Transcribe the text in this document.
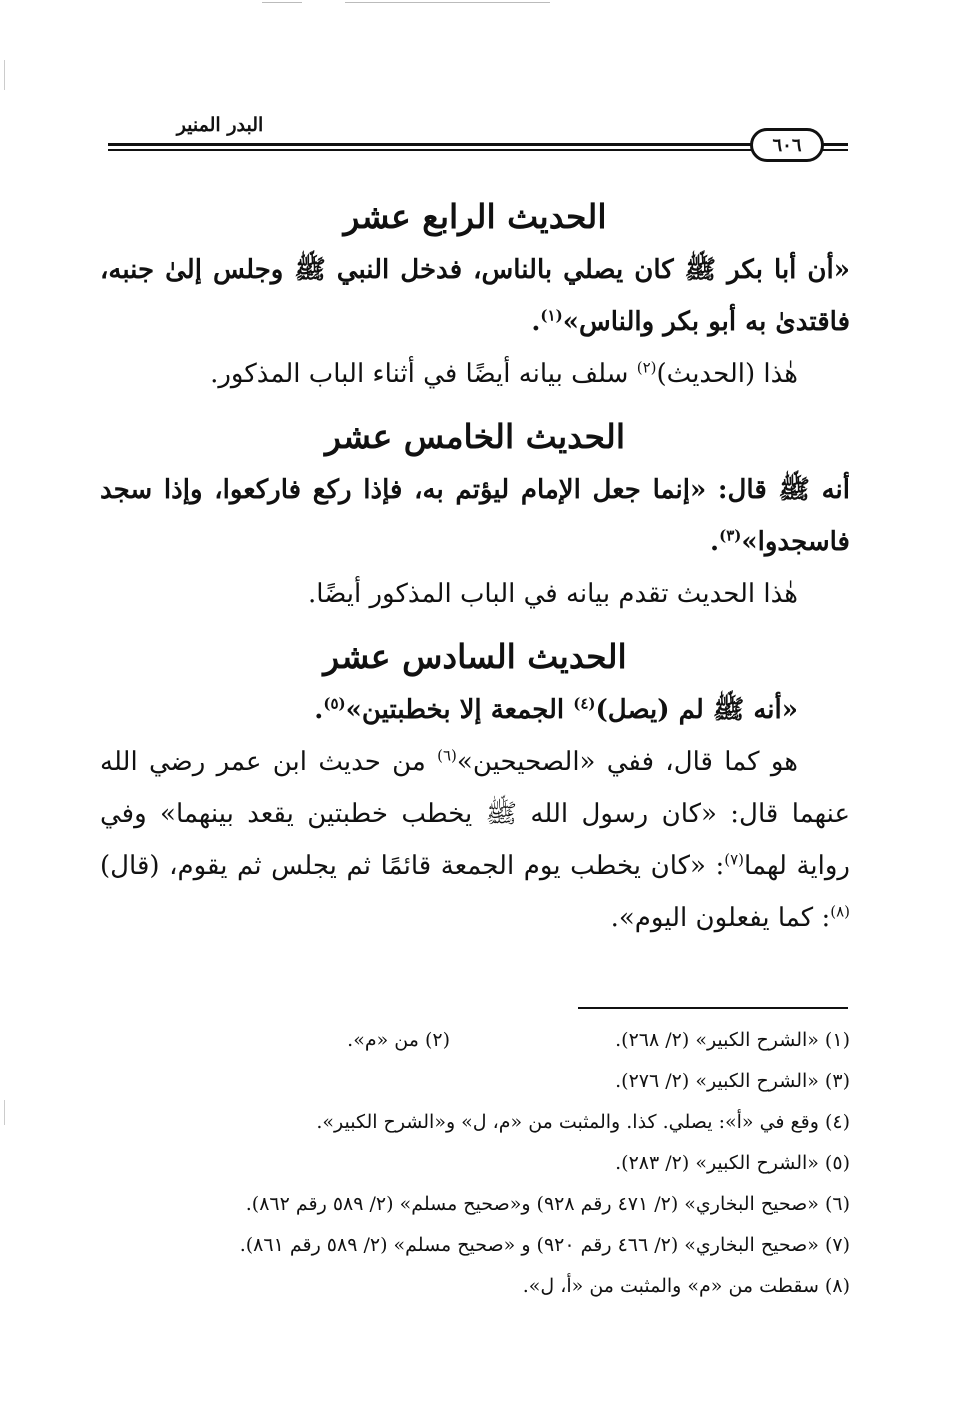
٦٠٦
البدر المنير
الحديث الرابع عشر

«أن أبا بكر ﷺ كان يصلي بالناس، فدخل النبي ﷺ وجلس إلىٰ جنبه، فاقتدىٰ به أبو بكر والناس»$^{(١)}$.

هٰذا (الحديث)$^{(٢)}$ سلف بيانه أيضًا في أثناء الباب المذكور.

الحديث الخامس عشر

أنه ﷺ قال: «إنما جعل الإمام ليؤتم به، فإذا ركع فاركعوا، وإذا سجد فاسجدوا»$^{(٣)}$.

هٰذا الحديث تقدم بيانه في الباب المذكور أيضًا.

الحديث السادس عشر

«أنه ﷺ لم (يصل)$^{(٤)}$ الجمعة إلا بخطبتين»$^{(٥)}$.

هو كما قال، ففي «الصحيحين»$^{(٦)}$ من حديث ابن عمر رضي الله عنهما قال: «كان رسول الله ﷺ يخطب خطبتين يقعد بينهما» وفي رواية لهما$^{(٧)}$: «كان يخطب يوم الجمعة قائمًا ثم يجلس ثم يقوم، (قال)$^{(٨)}$: كما يفعلون اليوم».

(١) «الشرح الكبير» (٢/ ٢٦٨).

(٢) من «م».

(٣) «الشرح الكبير» (٢/ ٢٧٦).

(٤) وقع في «أ»: يصلي. كذا. والمثبت من «م، ل» و«الشرح الكبير».

(٥) «الشرح الكبير» (٢/ ٢٨٣).

(٦) «صحيح البخاري» (٢/ ٤٧١ رقم ٩٢٨) و«صحيح مسلم» (٢/ ٥٨٩ رقم ٨٦٢).

(٧) «صحيح البخاري» (٢/ ٤٦٦ رقم ٩٢٠) و «صحيح مسلم» (٢/ ٥٨٩ رقم ٨٦١).

(٨) سقطت من «م» والمثبت من «أ، ل».
